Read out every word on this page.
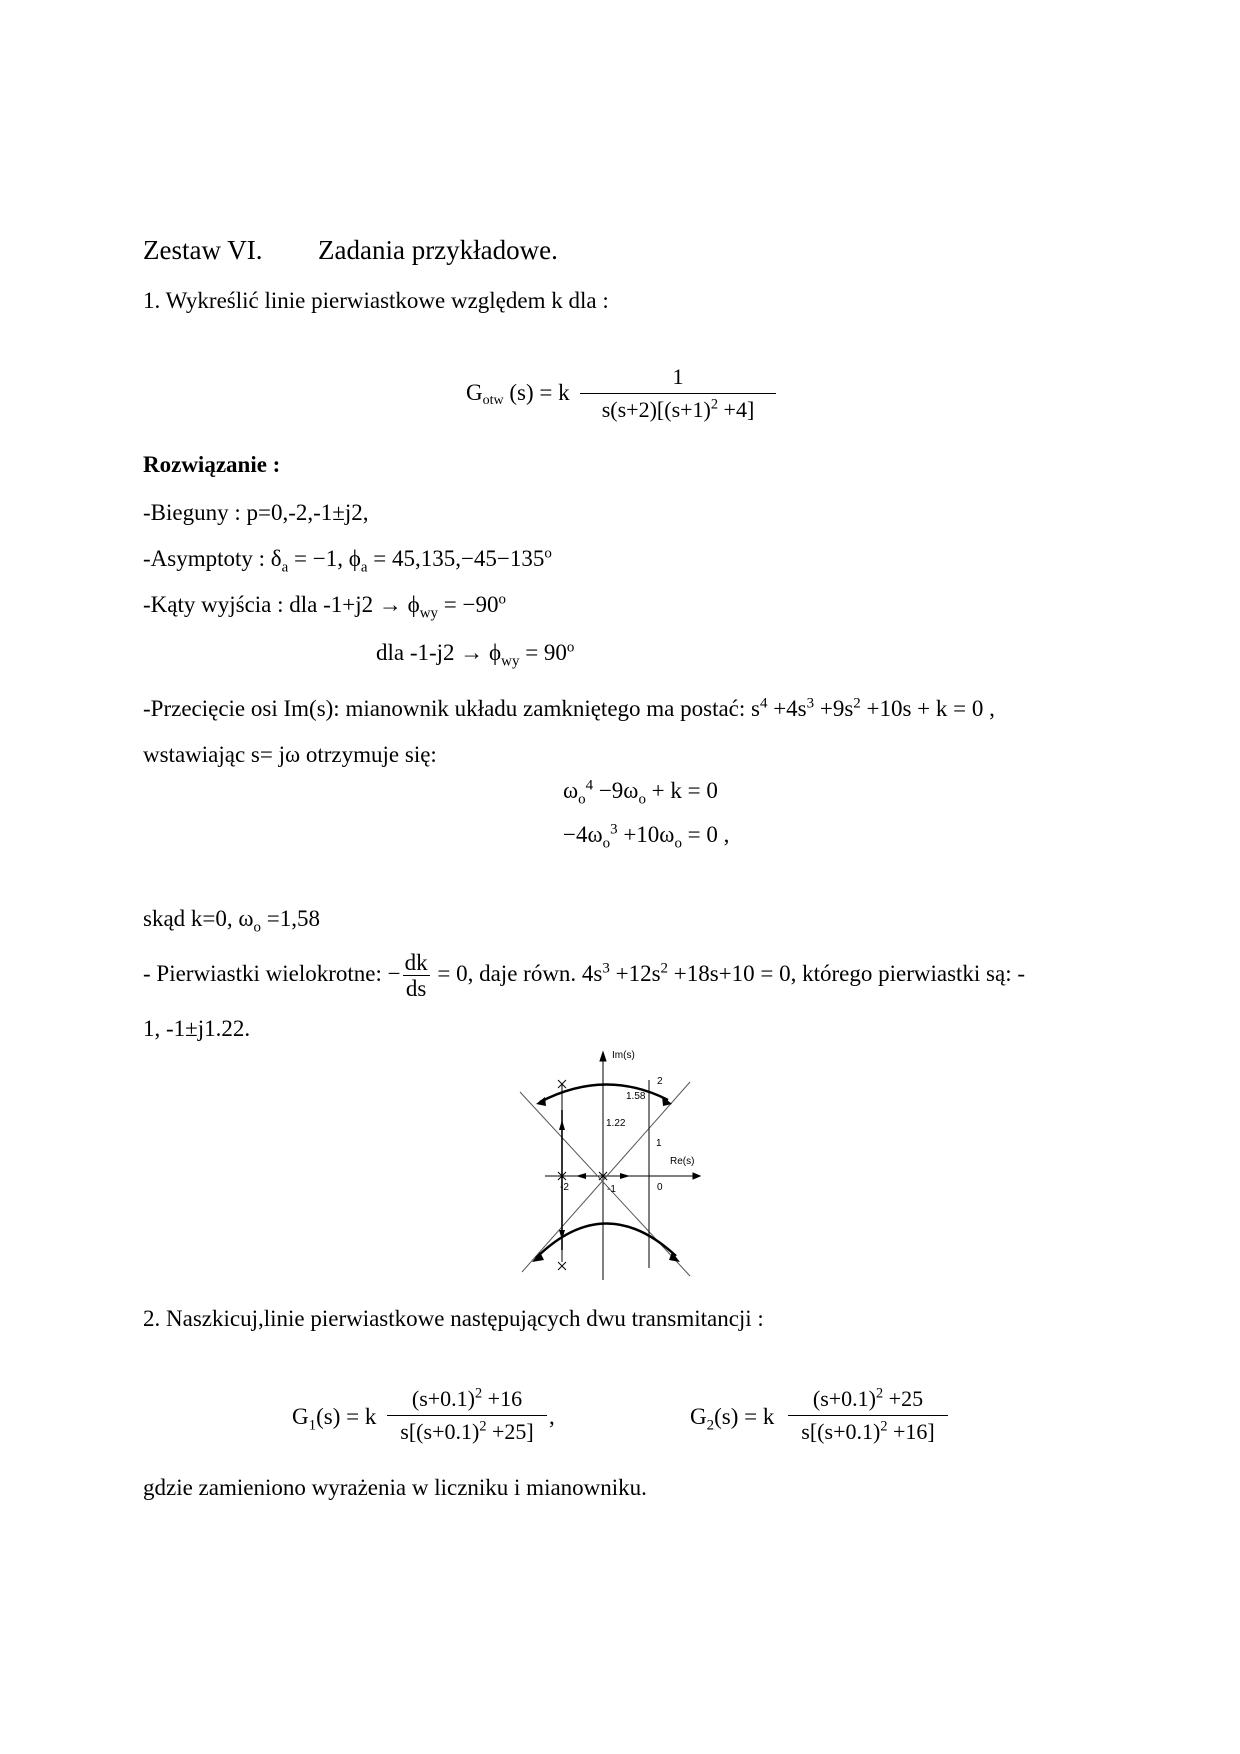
Zestaw VI. Zadania przykładowe.
1. Wykreślić linie pierwiastkowe względem k dla :
$G_{otw}$ (s) = k $\frac{1}{s(s+2)[(s+1)^2 +4]}$
Rozwiązanie :
-Bieguny : p=0,-2,-1±j2,
-Asymptoty : $\delta_a = -1$, $\phi_a = 45,135,-45-135^o$
-Kąty wyjścia : dla $-1+j2 \to \phi_{wy} = -90^o$
dla $-1-j2 \to \phi_{wy} = 90^o$
-Przecięcie osi Im(s): mianownik układu zamkniętego ma postać: $s^4 +4s^3 +9s^2 +10s + k = 0$ ,
wstawiając s= jω otrzymuje się:
$\omega_o^4 -9\omega_o + k = 0$
$-4\omega_o^3 +10\omega_o = 0$ ,
skąd k=0, $\omega_o =1,58$
- Pierwiastki wielokrotne: − $\frac{dk}{ds} = 0$, daje równ. $4s^3 +12s^2 +18s+10 = 0$, którego pierwiastki są: -
1, -1±j1.22.
Im(s)
Re(s)
2
1.58
1.22
1
-2	-1	0
2. Naszkicuj,linie pierwiastkowe następujących dwu transmitancji :
$G_1(s) = k \frac{(s+0.1)^2 +16}{s[(s+0.1)^2 +25]}$ ,	$G_2(s) = k \frac{(s+0.1)^2 +25}{s[(s+0.1)^2 +16]}$
gdzie zamieniono wyrażenia w liczniku i mianowniku.
